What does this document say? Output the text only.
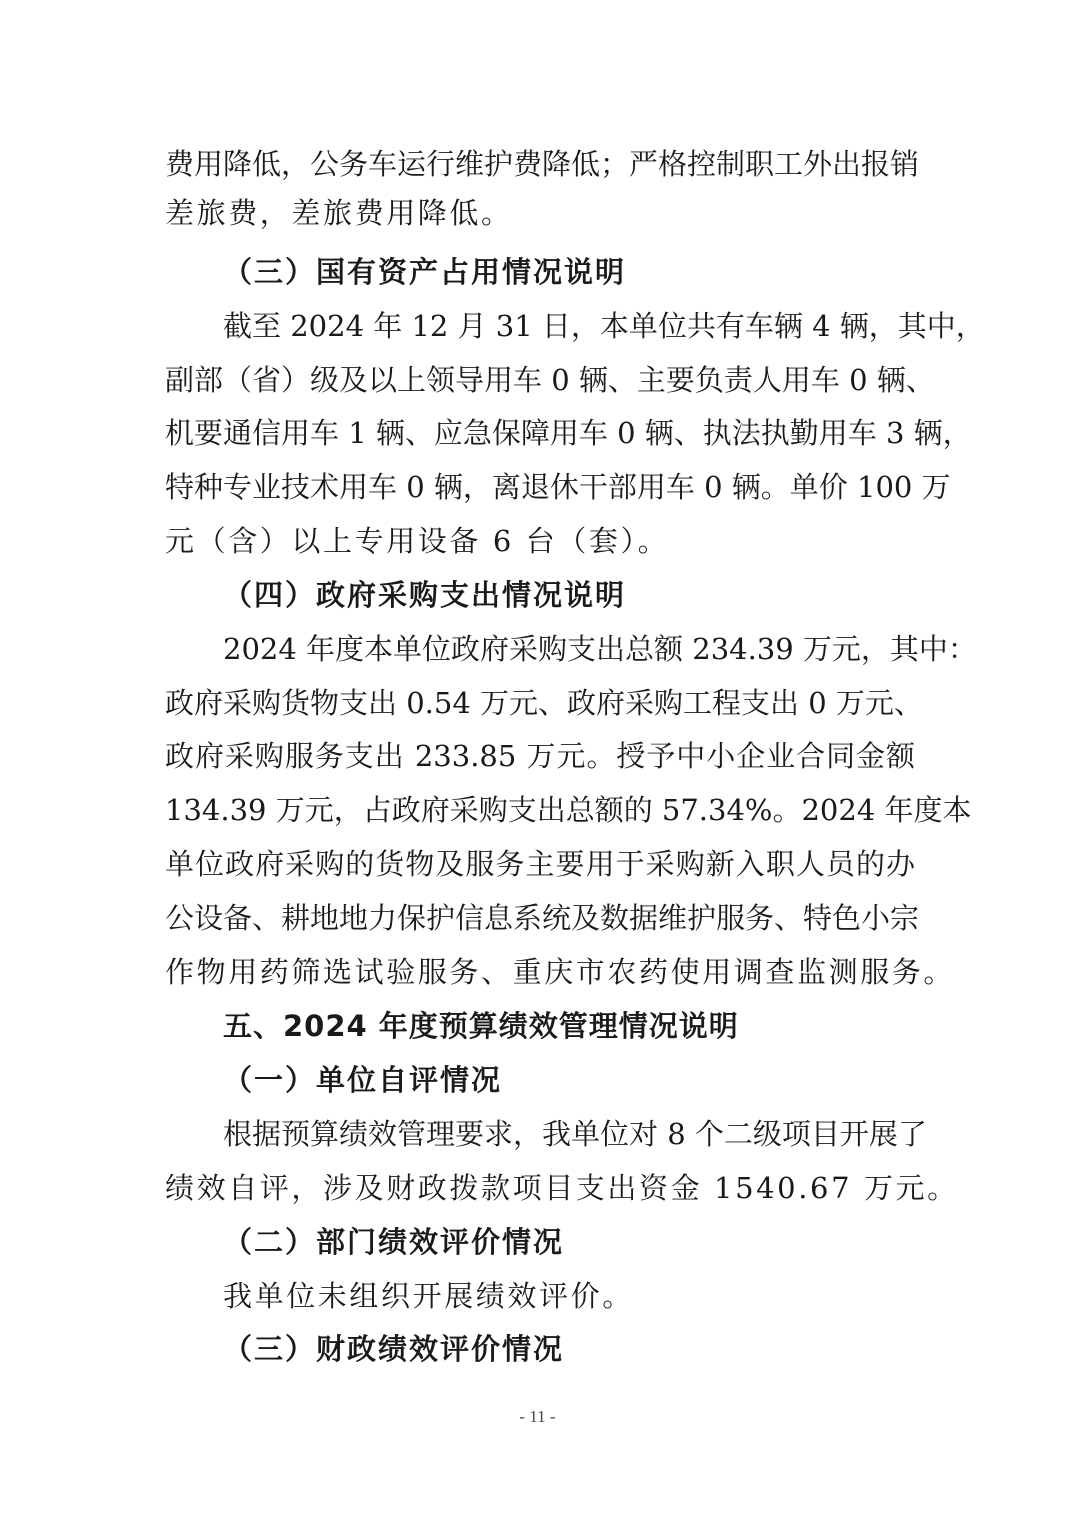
费用降低，公务车运行维护费降低；严格控制职工外出报销
差旅费，差旅费用降低。
（三）国有资产占用情况说明
截至 2024 年 12 月 31 日，本单位共有车辆 4 辆，其中，
副部（省）级及以上领导用车 0 辆、主要负责人用车 0 辆、
机要通信用车 1 辆、应急保障用车 0 辆、执法执勤用车 3 辆，
特种专业技术用车 0 辆，离退休干部用车 0 辆。单价 100 万
元（含）以上专用设备 6 台（套）。
（四）政府采购支出情况说明
2024 年度本单位政府采购支出总额 234.39 万元，其中：
政府采购货物支出 0.54 万元、政府采购工程支出 0 万元、
政府采购服务支出 233.85 万元。授予中小企业合同金额
134.39 万元，占政府采购支出总额的 57.34%。2024 年度本
单位政府采购的货物及服务主要用于采购新入职人员的办
公设备、耕地地力保护信息系统及数据维护服务、特色小宗
作物用药筛选试验服务、重庆市农药使用调查监测服务。
五、2024 年度预算绩效管理情况说明
（一）单位自评情况
根据预算绩效管理要求，我单位对 8 个二级项目开展了
绩效自评，涉及财政拨款项目支出资金 1540.67 万元。
（二）部门绩效评价情况
我单位未组织开展绩效评价。
（三）财政绩效评价情况
- 11 -
